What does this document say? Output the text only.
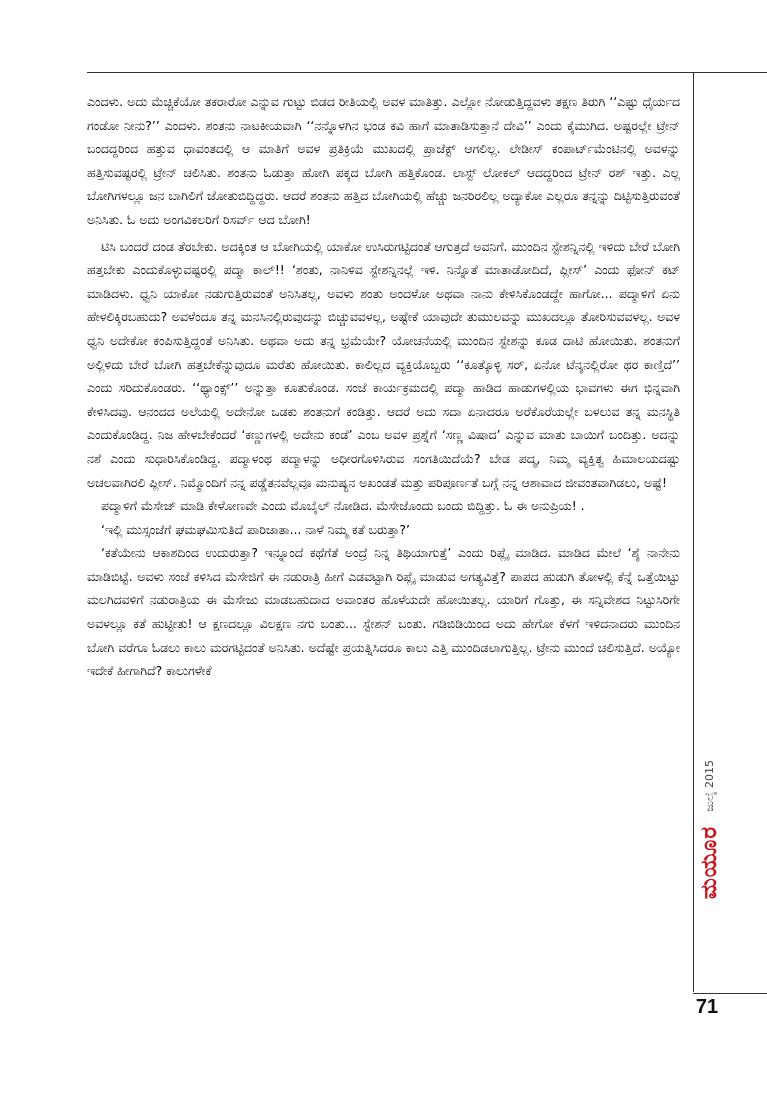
ಎಂದಳು. ಅದು ಮೆಚ್ಚಿಕೆಯೋ ತಕರಾರೋ ಎನ್ನುವ ಗುಟ್ಟು ಬಿಡದ ರೀತಿಯಲ್ಲಿ ಅವಳ ಮಾತಿತ್ತು. ಎಲ್ಲೋ ನೋಡುತ್ತಿದ್ದವಳು ತಕ್ಷಣ ತಿರುಗಿ ‘‘ಎಷ್ಟು ಧೈರ್ಯದ ಗಂಡೋ ನೀನು?’’ ಎಂದಳು. ಶಂತನು ನಾಟಕೀಯವಾಗಿ ‘‘ನನ್ನೊಳಗಿನ ಭಂಡ ಕವಿ ಹಾಗೆ ಮಾತಾಡಿಸುತ್ತಾನೆ ದೇವಿ’’ ಎಂದು ಕೈಮುಗಿದ. ಅಷ್ಟರಲ್ಲೇ ಟ್ರೇನ್ ಬಂದದ್ದರಿಂದ ಹತ್ತುವ ಧಾವಂತದಲ್ಲಿ ಆ ಮಾತಿಗೆ ಅವಳ ಪ್ರತಿಕ್ರಿಯೆ ಮುಖದಲ್ಲಿ ಪ್ರಾಜೆಕ್ಟ್ ಆಗಲಿಲ್ಲ. ಲೇಡೀಸ್ ಕಂಪಾರ್ಟ್‌ಮೆಂಟಿನಲ್ಲಿ ಅವಳನ್ನು ಹತ್ತಿಸುವಷ್ಟರಲ್ಲಿ ಟ್ರೇನ್ ಚಲಿಸಿತು. ಶಂತನು ಓಡುತ್ತಾ ಹೋಗಿ ಪಕ್ಕದ ಬೋಗಿ ಹತ್ತಿಕೊಂಡ. ಲಾಸ್ಟ್ ಲೋಕಲ್ ಆದದ್ದರಿಂದ ಟ್ರೇನ್ ರಶ್ ಇತ್ತು. ಎಲ್ಲ ಬೋಗಿಗಳಲ್ಲೂ ಜನ ಬಾಗಿಲಿಗೆ ಜೋತುಬಿದ್ದಿದ್ದರು. ಆದರೆ ಶಂತನು ಹತ್ತಿದ ಬೋಗಿಯಲ್ಲಿ ಹೆಚ್ಚು ಜನರಿರಲಿಲ್ಲ ಅದ್ಯಾಕೋ ಎಲ್ಲರೂ ತನ್ನನ್ನು ದಿಟ್ಟಿಸುತ್ತಿರುವಂತೆ ಅನಿಸಿತು. ಓ ಅದು ಅಂಗವಿಕಲರಿಗೆ ರಿಸರ್ವ್ ಆದ ಬೋಗಿ!

ಟಿಸಿ ಬಂದರೆ ದಂಡ ತೆರಬೇಕು. ಅದಕ್ಕಿಂತ ಆ ಬೋಗಿಯಲ್ಲಿ ಯಾಕೋ ಉಸಿರುಗಟ್ಟಿದಂತೆ ಆಗುತ್ತದೆ ಅವನಿಗೆ. ಮುಂದಿನ ಸ್ಟೇಶನ್ನಿನಲ್ಲಿ ಇಳಿದು ಬೇರೆ ಬೋಗಿ ಹತ್ತಬೇಕು ಎಂದುಕೊಳ್ಳುವಷ್ಟರಲ್ಲಿ ಪದ್ಮಾ ಕಾಲ್!! ‘ಶಂತು, ನಾನಿಳಿವ ಸ್ಟೇಶನ್ನಿನಲ್ಲೆ ಇಳಿ. ನಿನ್ನೊತೆ ಮಾತಾಡೋದಿದೆ, ಪ್ಲೀಸ್’ ಎಂದು ಫೋನ್ ಕಟ್ ಮಾಡಿದಳು. ಧ್ವನಿ ಯಾಕೋ ನಡುಗುತ್ತಿರುವಂತೆ ಅನಿಸಿತಲ್ಲ, ಅವಳು ಶಂತು ಅಂದಳೋ ಅಥವಾ ನಾನು ಕೇಳಿಸಿಕೊಂಡದ್ದೇ ಹಾಗೋ... ಪದ್ಮಾಳಿಗೆ ಏನು ಹೇಳಲಿಕ್ಕಿರಬಹುದು? ಅವಳೆಂದೂ ತನ್ನ ಮನಸಿನಲ್ಲಿರುವುದನ್ನು ಬಿಚ್ಚುವವಳಲ್ಲ, ಅಷ್ಟೇಕೆ ಯಾವುದೇ ತುಮುಲವನ್ನು ಮುಖದಲ್ಲೂ ತೋರಿಸುವವಳಲ್ಲ. ಅವಳ ಧ್ವನಿ ಅದೇಕೋ ಕಂಪಿಸುತ್ತಿದ್ದಂತೆ ಅನಿಸಿತು. ಅಥವಾ ಅದು ತನ್ನ ಭ್ರಮೆಯೇ? ಯೋಚನೆಯಲ್ಲಿ ಮುಂದಿನ ಸ್ಟೇಶನ್ನು ಕೂಡ ದಾಟಿ ಹೋಯಿತು. ಶಂತನುಗೆ ಅಲ್ಲಿಳಿದು ಬೇರೆ ಬೋಗಿ ಹತ್ತಬೇಕೆನ್ನುವುದೂ ಮರೆತು ಹೋಯಿತು. ಕಾಲಿಲ್ಲದ ವ್ಯಕ್ತಿಯೊಬ್ಬರು ‘‘ಕೂತ್ಕೊಳ್ಳಿ ಸರ್, ಏನೋ ಟೆನ್ಶನಲ್ಲಿರೋ ಥರ ಕಾಣ್ತಿದೆ’’ ಎಂದು ಸರಿದುಕೊಂಡರು. ‘‘ಥ್ಯಾಂಕ್ಸ್’’ ಅನ್ನುತ್ತಾ ಕೂತುಕೊಂಡ. ಸಂಜೆ ಕಾರ್ಯಕ್ರಮದಲ್ಲಿ ಪದ್ಮಾ ಹಾಡಿದ ಹಾಡುಗಳಲ್ಲಿಯ ಭಾವಗಳು ಈಗ ಭಿನ್ನವಾಗಿ ಕೇಳಿಸಿದವು. ಆನಂದದ ಅಲೆಯಲ್ಲಿ ಅದೇನೋ ಒಡಕು ಶಂತನುಗೆ ಕಂಡಿತ್ತು. ಆದರೆ ಅದು ಸದಾ ಏನಾದರೂ ಅರೆಕೊರೆಯಲ್ಲೇ ಬಳಲುವ ತನ್ನ ಮನಸ್ಥಿತಿ ಎಂದುಕೊಂಡಿದ್ದ. ನಿಜ ಹೇಳಬೇಕೆಂದರೆ ‘ಕಣ್ಣುಗಳಲ್ಲಿ ಅದೇನು ಕಂಡೆ’ ಎಂಬ ಅವಳ ಪ್ರಶ್ನೆಗೆ ‘ಸಣ್ಣ ವಿಷಾದ’ ಎನ್ನುವ ಮಾತು ಬಾಯಿಗೆ ಬಂದಿತ್ತು. ಅದನ್ನು ನಶೆ ಎಂದು ಸುಧಾರಿಸಿಕೊಂಡಿದ್ದ. ಪದ್ಮಾಳಂಥ ಪದ್ಮಾಳನ್ನು ಅಧೀರಗೊಳಿಸಿರುವ ಸಂಗತಿಯಿದೆಯೆ? ಬೇಡ ಪದ್ಮ, ನಿಮ್ಮ ವ್ಯಕ್ತಿತ್ವ ಹಿಮಾಲಯದಷ್ಟು ಅಚಲವಾಗಿರಲಿ ಪ್ಲೀಸ್. ನಿಮ್ಮೊಂದಿಗೆ ನನ್ನ ಪಡ್ಡೆತನವೆಲ್ಲವೂ ಮನುಷ್ಯನ ಅಖಂಡತೆ ಮತ್ತು ಪರಿಪೂರ್ಣತೆ ಬಗ್ಗೆ ನನ್ನ ಆಶಾವಾದ ಜೀವಂತವಾಗಿಡಲು, ಅಷ್ಟೆ!

ಪದ್ಮಾಳಿಗೆ ಮೆಸೇಜ್ ಮಾಡಿ ಕೇಳೋಣವೇ ಎಂದು ಮೊಬೈಲ್ ನೋಡಿದ. ಮೆಸೇಜೊಂದು ಬಂದು ಬಿದ್ದಿತ್ತು. ಓ ಈ ಅನುಪ್ರಿಯ! .

‘ಇಲ್ಲಿ ಮುಸ್ಸಂಜೆಗೆ ಘಮಘಮಿಸುತಿದೆ ಪಾರಿಜಾತಾ... ನಾಳೆ ನಿಮ್ಮ ಕತೆ ಬರುತ್ತಾ?’

‘ಕತೆಯೇನು ಆಕಾಶದಿಂದ ಉದುರುತ್ತಾ? ಇನ್ನೂಂದೆ ಕಥೆಗೆತೆ ಅಂದ್ರೆ ನಿನ್ನ ತಿಥಿಯಾಗುತ್ತೆ’ ಎಂದು ರಿಪ್ಲೈ ಮಾಡಿದ. ಮಾಡಿದ ಮೇಲೆ ‘ಶ್ಶೆ ನಾನೇನು ಮಾಡಿಬಿಟ್ಟೆ. ಅವಳು ಸಂಜೆ ಕಳಿಸಿದ ಮೆಸೇಜಿಗೆ ಈ ನಡುರಾತ್ರಿ ಹೀಗೆ ಎಡವಟ್ಟಾಗಿ ರಿಪ್ಲೈ ಮಾಡುವ ಅಗತ್ಯವಿತ್ತೆ? ಪಾಪದ ಹುಡುಗಿ ತೋಳಲ್ಲಿ ಕೆನ್ನೆ ಒತ್ತೆಯಿಟ್ಟು ಮಲಗಿದವಳಿಗೆ ನಡುರಾತ್ರಿಯ ಈ ಮೆಸೇಜು ಮಾಡಬಹುದಾದ ಅವಾಂತರ ಹೊಳೆಯದೇ ಹೋಯಿತಲ್ಲ. ಯಾರಿಗೆ ಗೊತ್ತು, ಈ ಸನ್ನಿವೇಶದ ನಿಟ್ಟುಸಿರಿಗೇ ಅವಳಲ್ಲೂ ಕತೆ ಹುಟ್ಟೀತು! ಆ ಕ್ಷಣದಲ್ಲೂ ವಿಲಕ್ಷಣ ನಗು ಬಂತು... ಸ್ಟೇಶನ್ ಬಂತು. ಗಡಿಬಿಡಿಯಿಂದ ಅದು ಹೇಗೋ ಕೆಳಗೆ ಇಳಿದನಾದರು ಮುಂದಿನ ಬೋಗಿ ವರೆಗೂ ಓಡಲು ಕಾಲು ಮರಗಟ್ಟಿದಂತೆ ಅನಿಸಿತು. ಅದೆಷ್ಟೇ ಪ್ರಯತ್ನಿಸಿದರೂ ಕಾಲು ಎತ್ತಿ ಮುಂದಿಡಲಾಗುತ್ತಿಲ್ಲ. ಟ್ರೇನು ಮುಂದೆ ಚಲಿಸುತ್ತಿದೆ. ಅಯ್ಯೋ ಇದೇಕೆ ಹೀಗಾಗಿದೆ? ಕಾಲುಗಳೇಕೆ

ಜುಲೈ 2015
ಮಯೂರ
71
